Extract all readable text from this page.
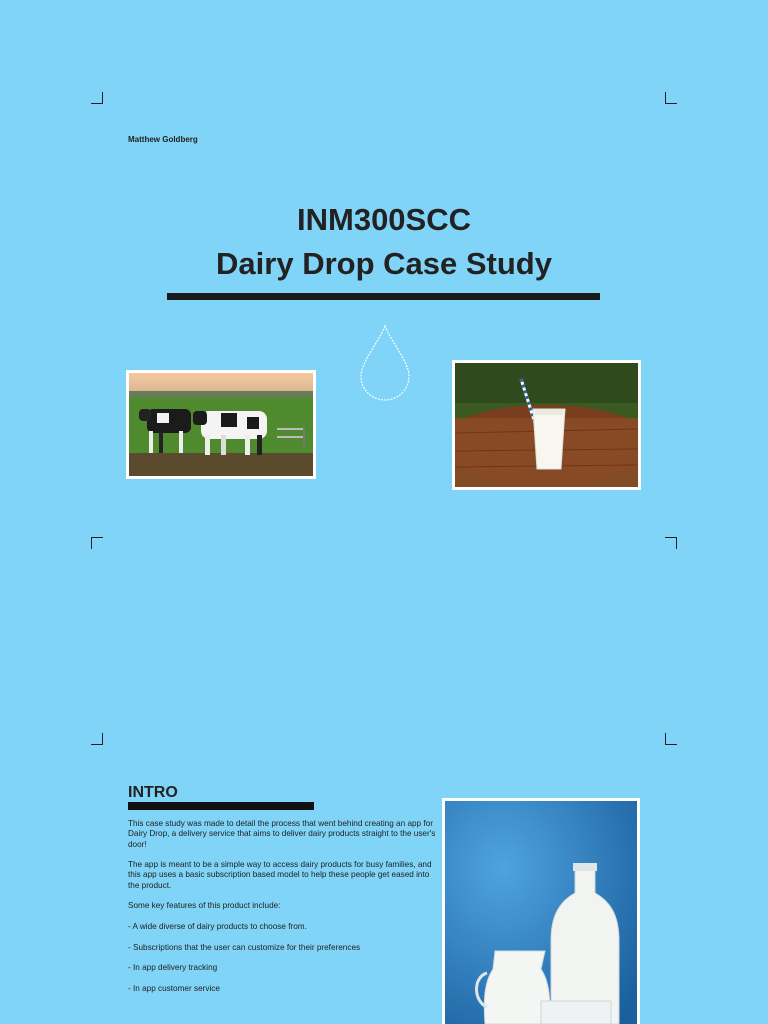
Matthew Goldberg
INM300SCC
Dairy Drop Case Study
INTRO

This case study was made to detail the process that went behind creating an app for Dairy Drop, a delivery service that aims to deliver dairy products straight to the user's door!

The app is meant to be a simple way to access dairy products for busy families, and this app uses a basic subscription based model to help these people get eased into the product.

Some key features of this product include:

- A wide diverse of dairy products to choose from.

- Subscriptions that the user can customize for their preferences

- In app delivery tracking

- In app customer service
